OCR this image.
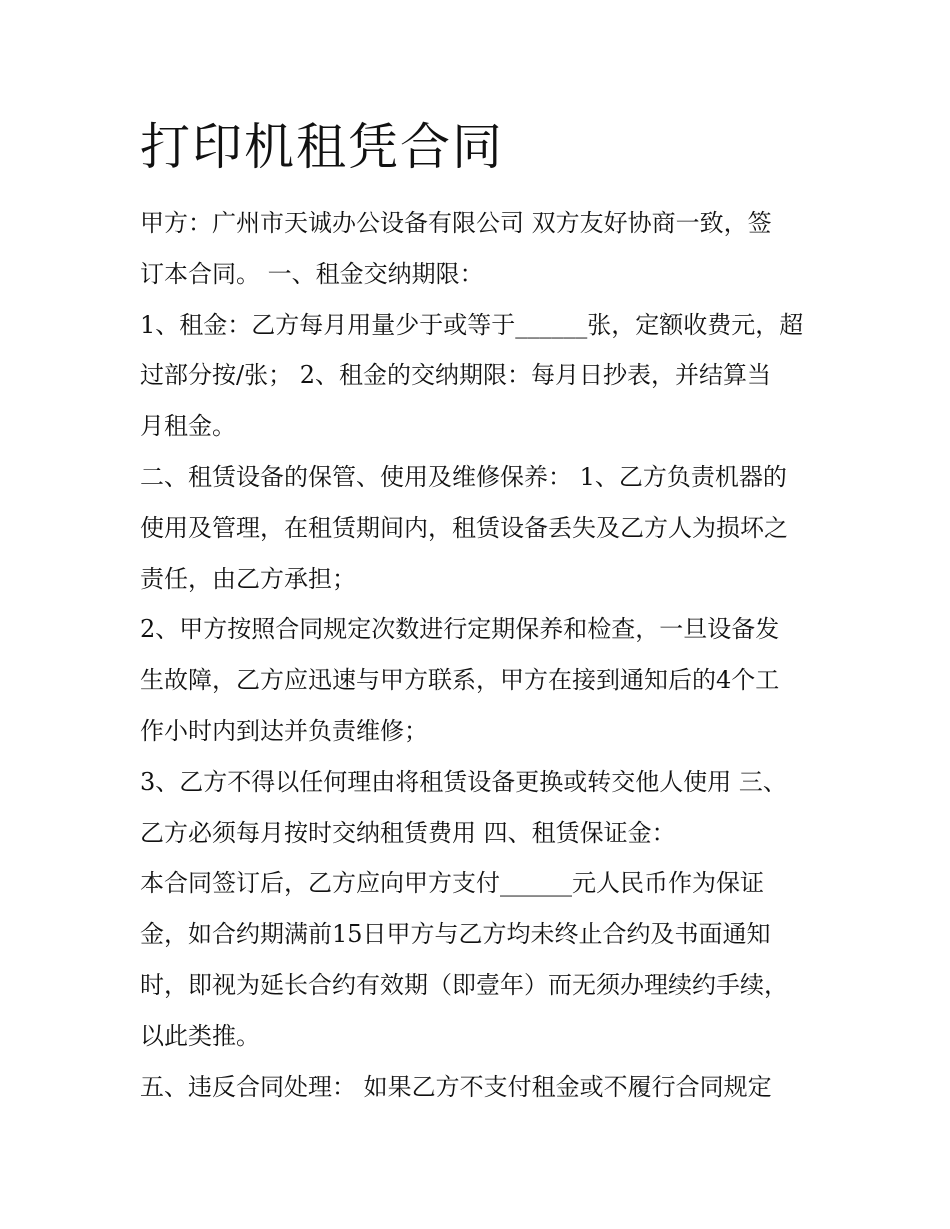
打印机租凭合同
甲方：广州市天诚办公设备有限公司 双方友好协商一致，签
订本合同。 一、租金交纳期限：
1、租金：乙方每月用量少于或等于______张，定额收费元，超
过部分按/张； 2、租金的交纳期限：每月日抄表，并结算当
月租金。
二、租赁设备的保管、使用及维修保养： 1、乙方负责机器的
使用及管理，在租赁期间内，租赁设备丢失及乙方人为损坏之
责任，由乙方承担；
2、甲方按照合同规定次数进行定期保养和检查，一旦设备发
生故障，乙方应迅速与甲方联系，甲方在接到通知后的4个工
作小时内到达并负责维修；
3、乙方不得以任何理由将租赁设备更换或转交他人使用 三、
乙方必须每月按时交纳租赁费用 四、租赁保证金：
本合同签订后，乙方应向甲方支付______元人民币作为保证
金，如合约期满前15日甲方与乙方均未终止合约及书面通知
时，即视为延长合约有效期（即壹年）而无须办理续约手续，
以此类推。
五、违反合同处理： 如果乙方不支付租金或不履行合同规定
